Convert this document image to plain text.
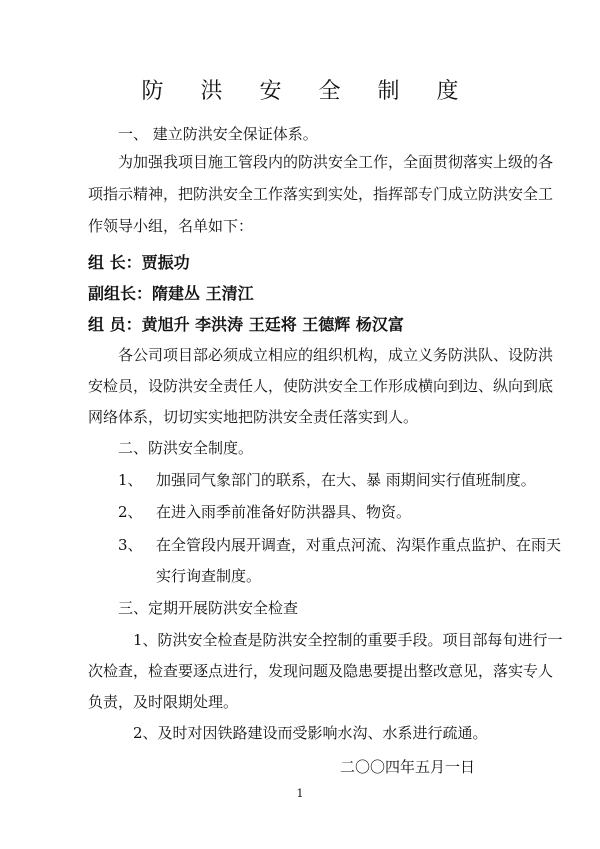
防 洪 安 全 制 度
一、 建立防洪安全保证体系。
为加强我项目施工管段内的防洪安全工作，全面贯彻落实上级的各
项指示精神，把防洪安全工作落实到实处，指挥部专门成立防洪安全工
作领导小组，名单如下：
组 长：贾振功
副组长：隋建丛 王清江
组 员：黄旭升 李洪涛 王廷将 王德辉 杨汉富
各公司项目部必须成立相应的组织机构，成立义务防洪队、设防洪
安检员，设防洪安全责任人，使防洪安全工作形成横向到边、纵向到底
网络体系，切切实实地把防洪安全责任落实到人。
二、防洪安全制度。
1、 加强同气象部门的联系，在大、暴 雨期间实行值班制度。
2、 在进入雨季前准备好防洪器具、物资。
3、 在全管段内展开调查，对重点河流、沟渠作重点监护、在雨天
实行询查制度。
三、定期开展防洪安全检查
1、防洪安全检查是防洪安全控制的重要手段。项目部每旬进行一
次检查，检查要逐点进行，发现问题及隐患要提出整改意见，落实专人
负责，及时限期处理。
2、及时对因铁路建设而受影响水沟、水系进行疏通。
二〇〇四年五月一日
1
